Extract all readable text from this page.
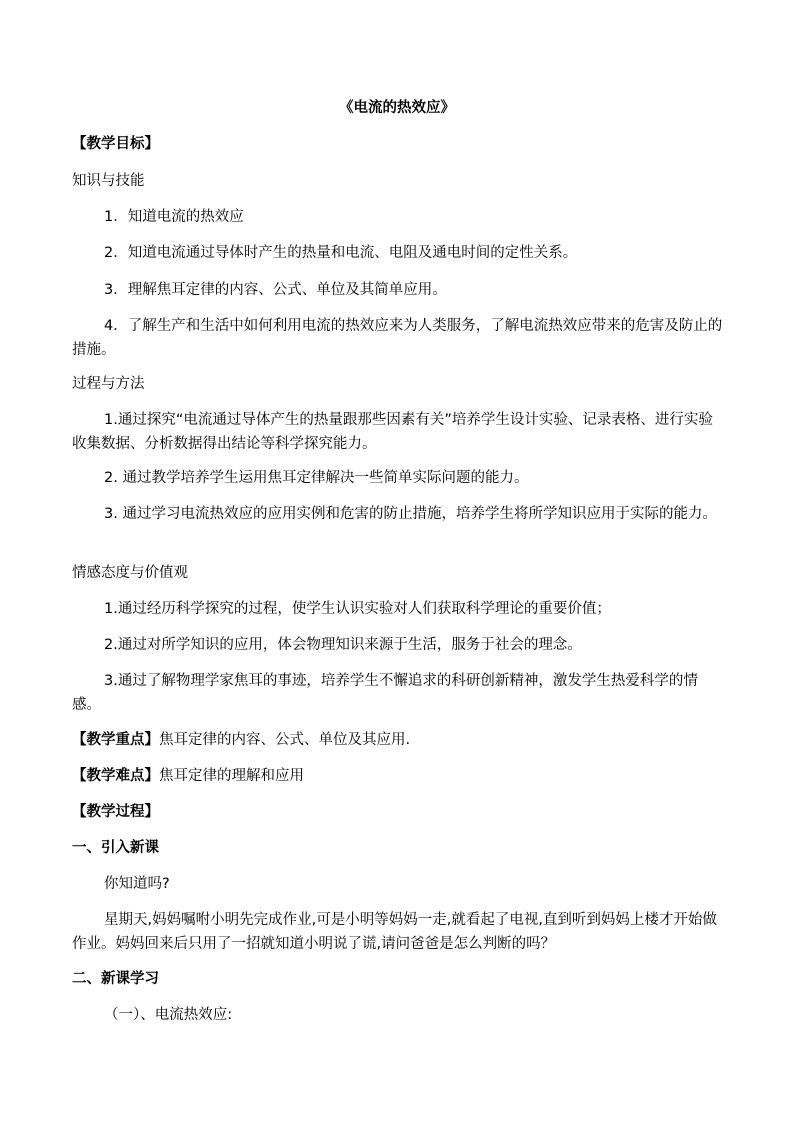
《电流的热效应》
【教学目标】
知识与技能
1．知道电流的热效应
2．知道电流通过导体时产生的热量和电流、电阻及通电时间的定性关系。
3．理解焦耳定律的内容、公式、单位及其简单应用。
4．了解生产和生活中如何利用电流的热效应来为人类服务，了解电流热效应带来的危害及防止的措施。
过程与方法
1.通过探究“电流通过导体产生的热量跟那些因素有关”培养学生设计实验、记录表格、进行实验收集数据、分析数据得出结论等科学探究能力。
2. 通过教学培养学生运用焦耳定律解决一些简单实际问题的能力。
3. 通过学习电流热效应的应用实例和危害的防止措施，培养学生将所学知识应用于实际的能力。
情感态度与价值观
1.通过经历科学探究的过程，使学生认识实验对人们获取科学理论的重要价值；
2.通过对所学知识的应用，体会物理知识来源于生活，服务于社会的理念。
3.通过了解物理学家焦耳的事迹，培养学生不懈追求的科研创新精神，激发学生热爱科学的情感。
【教学重点】焦耳定律的内容、公式、单位及其应用.
【教学难点】焦耳定律的理解和应用
【教学过程】
一、引入新课
你知道吗?
星期天,妈妈嘱咐小明先完成作业,可是小明等妈妈一走,就看起了电视,直到听到妈妈上楼才开始做作业。妈妈回来后只用了一招就知道小明说了谎,请问爸爸是怎么判断的吗？
二、新课学习
（一）、电流热效应:
